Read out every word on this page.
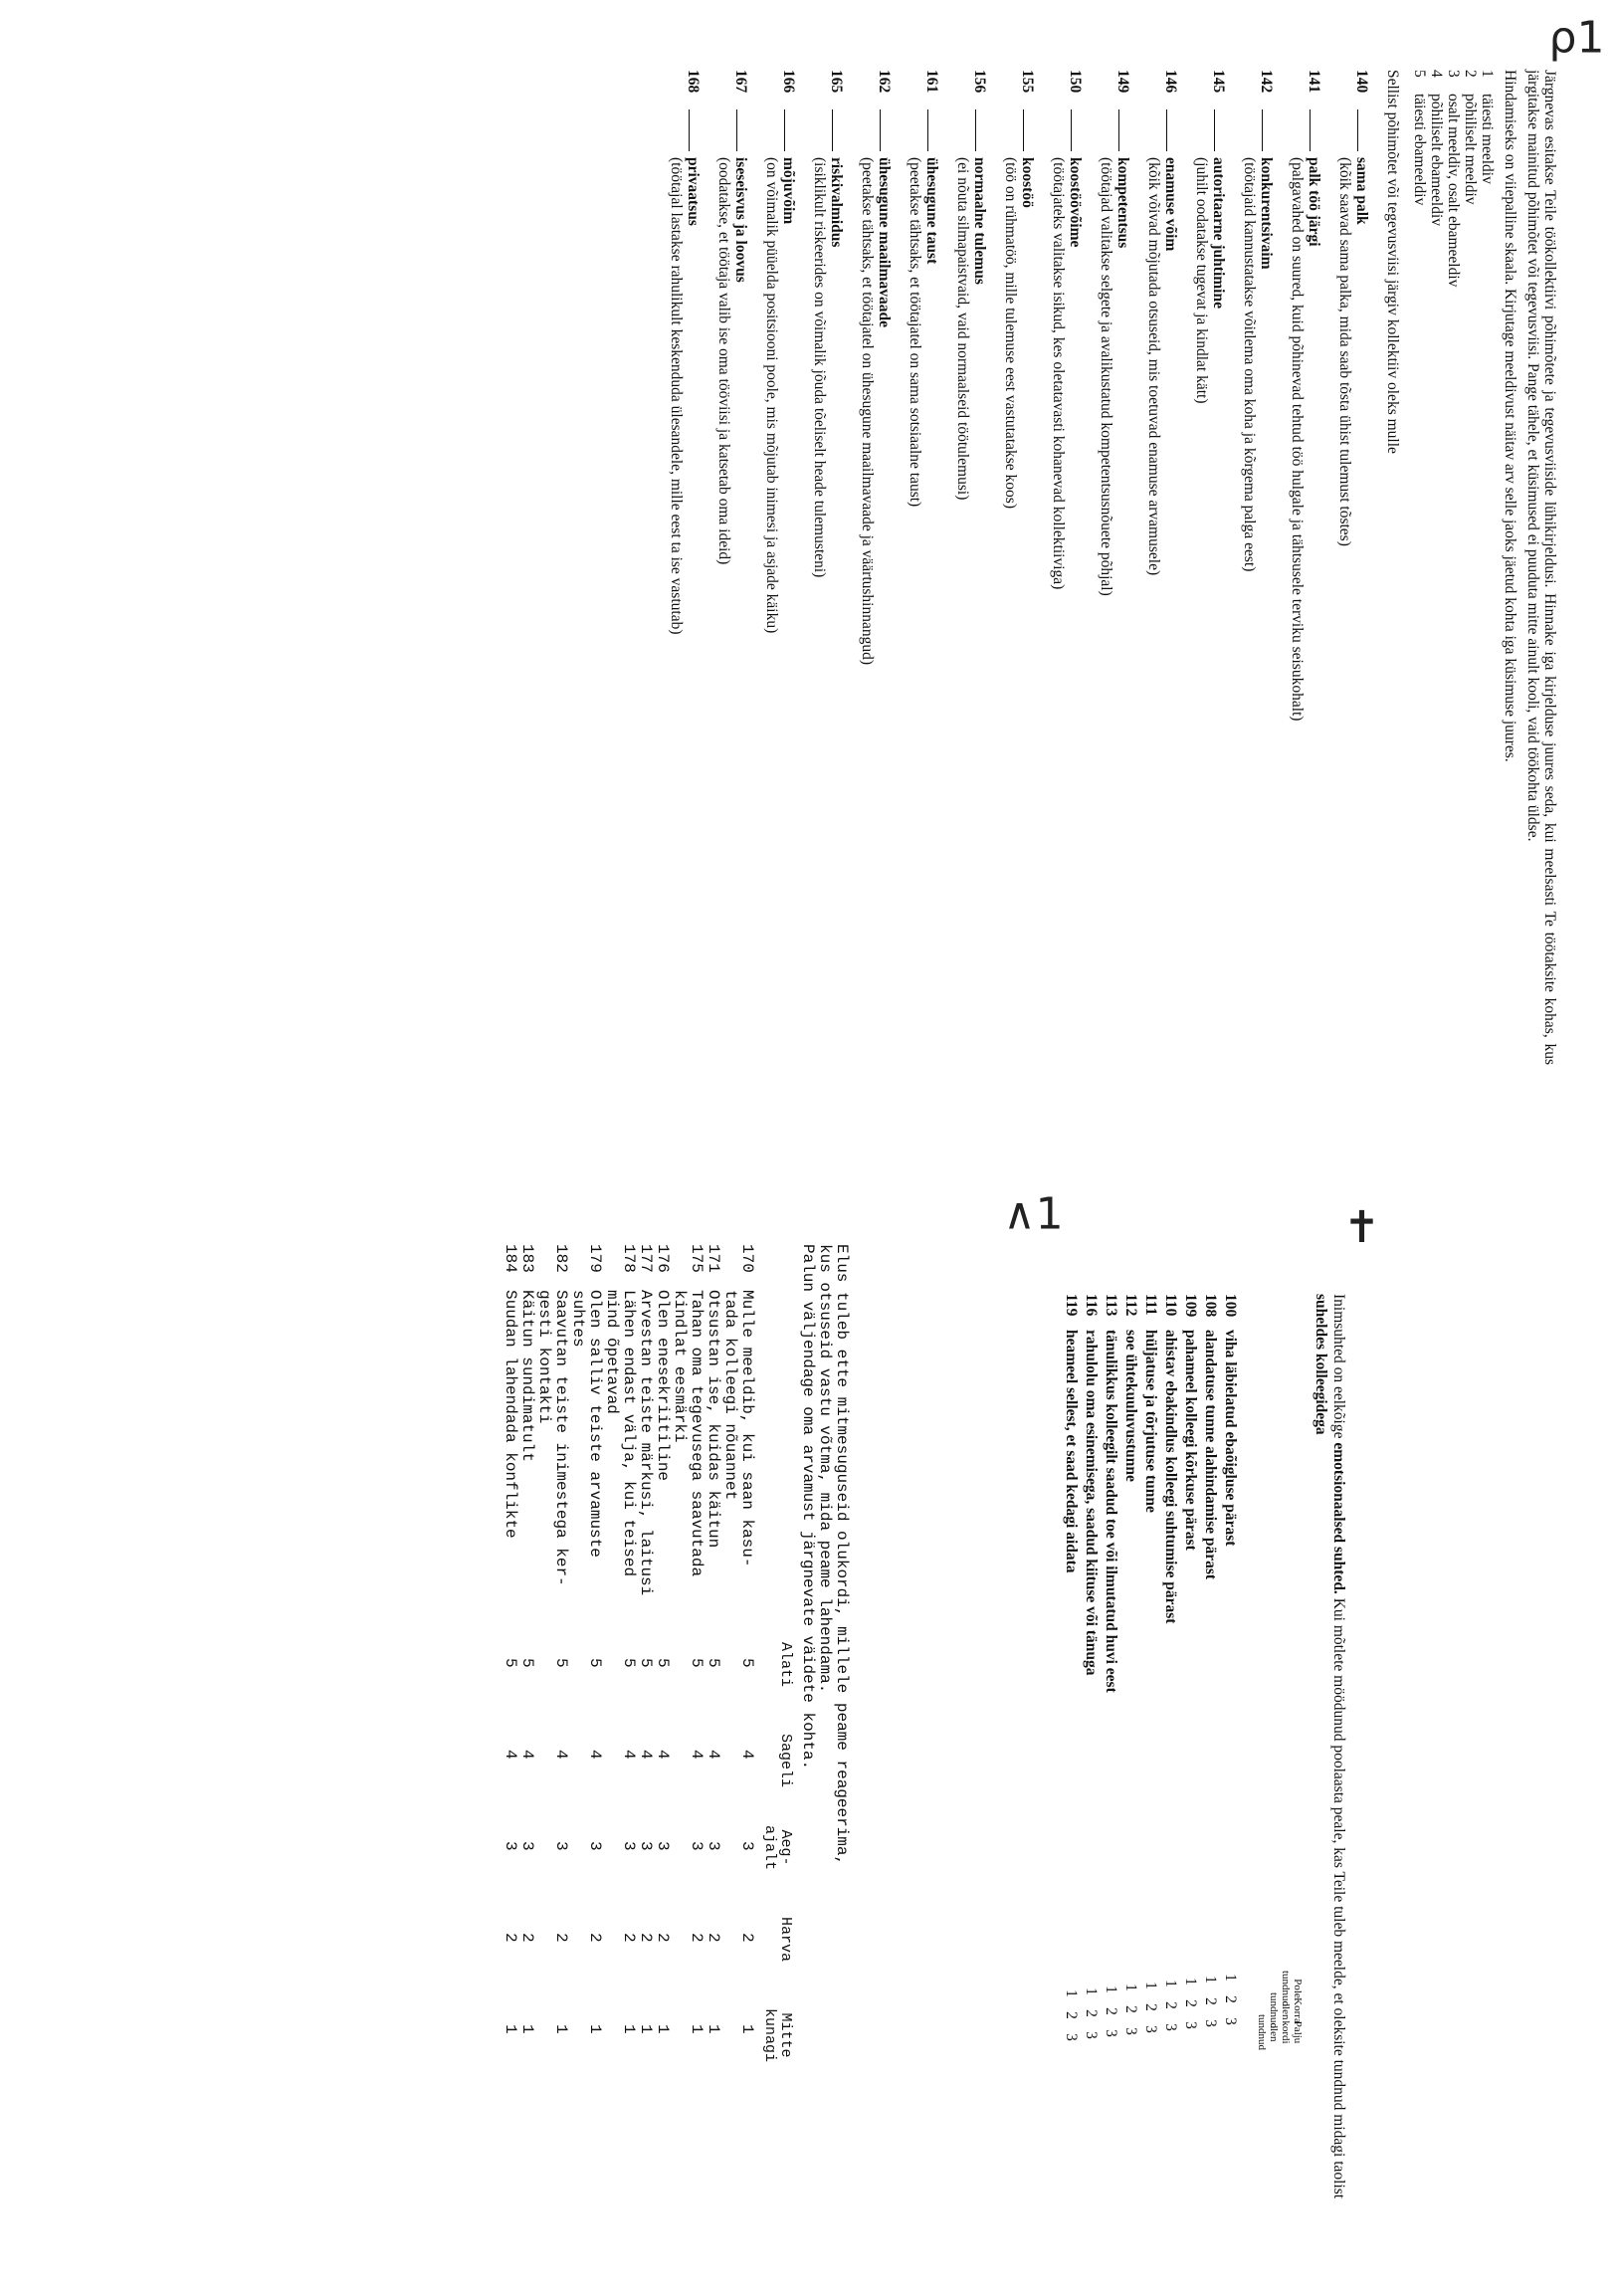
Järgnevas esitakse Teile töökollektiivi põhimõtete ja tegevusviiside lühikirjeldusi. Hinnake iga kirjelduse juures seda, kui meelsasti Te töötaksite kohas, kus järgitakse mainitud põhimõtet või tegevusviisi. Pange tähele, et küsimused ei puuduta mitte ainult kooli, vaid töökohta üldse.

Hindamiseks on viiepalline skaala. Kirjutage meeldivust näitav arv selle jaoks jäetud kohta iga küsimuse juures.

1
täiesti meeldiv
2
põhiliselt meeldiv
3
osalt meeldiv, osalt ebameeldiv
4
põhiliselt ebameeldiv
5
täiesti ebameeldiv

Sellist põhimõtet või tegevusviisi järgiv kollektiiv oleks mulle

140
sama palk
(kõik saavad sama palka, mida saab tõsta ühist tulemust tõstes)
141
palk töö järgi
(palgavahed on suured, kuid põhinevad tehtud töö hulgale ja tähtsusele terviku seisukohalt)
142
konkurentsivaim
(töötajaid kannustatakse võitlema oma koha ja kõrgema palga eest)
145
autoritaarne juhtimine
(juhilt oodatakse tugevat ja kindlat kätt)
146
enamuse võim
(kõik võivad mõjutada otsuseid, mis toetuvad enamuse arvamusele)
149
kompetentsus
(töötajad valitakse selgete ja avalikustatud kompetentsusnõuete põhjal)
150
koostöövõime
(töötajateks valitakse isikud, kes oletatavasti kohanevad kollektiiviga)
155
koostöö
(töö on rühmatöö, mille tulemuse eest vastutatakse koos)
156
normaalne tulemus
(ei nõuta silmapaistvaid, vaid normaalseid töötulemusi)
161
ühesugune taust
(peetakse tähtsaks, et töötajatel on sama sotsiaalne taust)
162
ühesugune maailmavaade
(peetakse tähtsaks, et töötajatel on ühesugune maailmavaade ja väärtushinnangud)
165
riskivalmidus
(isiklikult riskeerides on võimalik jõuda tõeliselt heade tulemusteni)
166
mõjuvõim
(on võimalik püüelda positsiooni poole, mis mõjutab inimesi ja asjade käiku)
167
iseseisvus ja loovus
(oodatakse, et töötaja valib ise oma tööviisi ja katsetab oma ideid)
168
privaatsus
(töötajal lastakse rahulikult keskenduda ülesandele, mille eest ta ise vastutab)
ρ1
✝
∧1

Inimsuhted on eelkõige emotsionaalsed suhted. Kui mõtlete möödunud poolaasta peale, kas Teile tuleb meelde, et oleksite tundnud midagi taolist suheldes kolleegidega

Pole tundnud
Korra olen tundnud
Palju kordi olen tundnud
100
viha läbielatud ebaõigluse pärast
1
2
3
108
alandatuse tunne alahindamise pärast
1
2
3
109
pahameel kolleegi kõrkuse pärast
1
2
3
110
ahistav ebakindlus kolleegi suhtumise pärast
1
2
3
111
hüljatuse ja tõrjutuse tunne
1
2
3
112
soe ühtekuuluvustunne
1
2
3
113
tänulikkus kolleegilt saadud toe või ilmutatud huvi eest
1
2
3
116
rahulolu oma esinemisega, saadud kiituse või tänuga
1
2
3
119
heameel sellest, et saad kedagi aidata
1
2
3

Elus tuleb ette mitmesuguseid olukordi, millele peame reageerima,
kus otsuseid vastu võtma, mida peame lahendama.
Palun väljendage oma arvamust järgnevate väidete kohta.

Alati
Sageli
Aeg-
ajalt
Harva
Mitte
kunagi
170
Mulle meeldib, kui saan kasu-
tada kolleegi nõuannet
5
4
3
2
1
171
Otsustan ise, kuidas käitun
5
4
3
2
1
175
Tahan oma tegevusega saavutada
kindlat eesmärki
5
4
3
2
1
176
Olen enesekriitiline
5
4
3
2
1
177
Arvestan teiste märkusi, laitusi
5
4
3
2
1
178
Lähen endast välja, kui teised
mind õpetavad
5
4
3
2
1
179
Olen salliv teiste arvamuste
suhtes
5
4
3
2
1
182
Saavutan teiste inimestega ker-
gesti kontakti
5
4
3
2
1
183
Käitun sundimatult
5
4
3
2
1
184
Suudan lahendada konflikte
5
4
3
2
1
